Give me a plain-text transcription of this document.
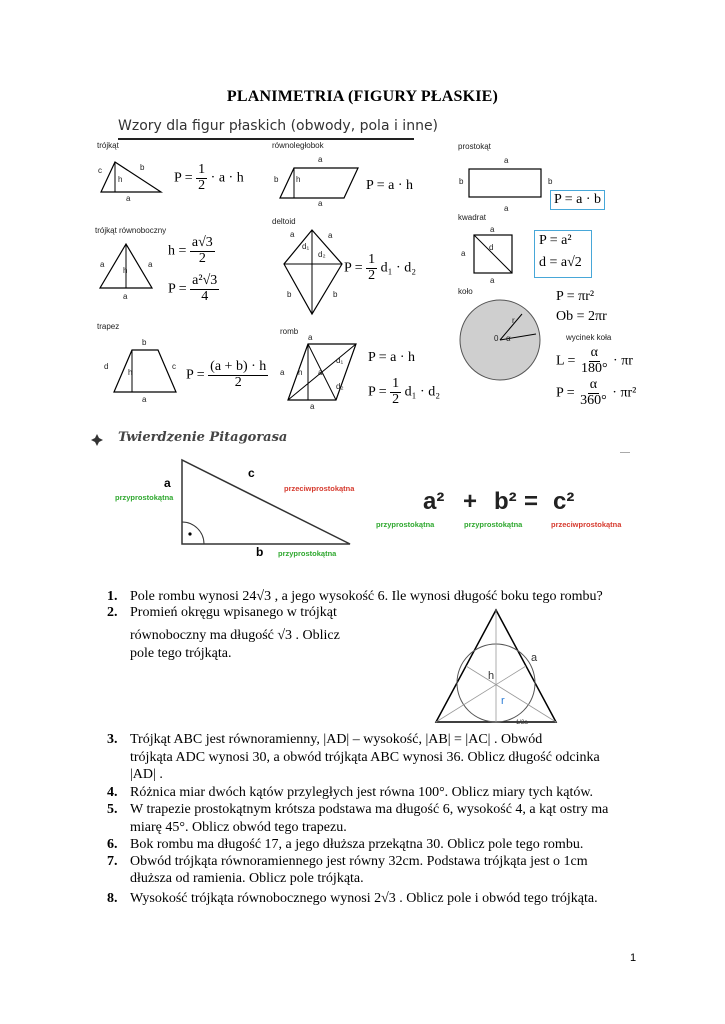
PLANIMETRIA (FIGURY PŁASKIE)
Wzory dla figur płaskich (obwody, pola i inne)
trójkąt
c
h
b
a
$P = \frac{1}{2} \cdot a \cdot h$
równoległobok
a
b h
a
P = a · h
prostokąt
a
b	b
a
P = a · b
trójkąt równoboczny
a
h
a
a
$h = \frac{a√3}{2}$
$P = \frac{\text{a²√3}}{4}$
deltoid
a	a
d₁
d₂
b	b
$P = \frac{1}{2} d_1 \cdot d_2$
kwadrat
a
a
d
a
P = a²
d = a√2
koło
r
0 α
P = πr²
Ob = 2πr
wycinek koła
$L = \frac{\alpha}{180^\circ} \cdot \pi r$
$P = \frac{\alpha}{360^\circ} \cdot \pi r^2$
trapez
b
d
h
c
a
$P = \frac{(a + b) \cdot h}{2}$
romb
a
a h
d₁
d₂
a
a
P = a · h
$P = \frac{1}{2} d_1 \cdot d_2$
Twierdzenie Pitagorasa
a
przyprostokątna
c
przeciwprostokątna
b przyprostokątna
a² + b² = c²
przyprostokątna	przyprostokątna	przeciwprostokątna
a
h
r
1/2a
1. Pole rombu wynosi 24√3 , a jego wysokość 6. Ile wynosi długość boku tego rombu?
2. Promień okręgu wpisanego w trójkąt
równoboczny ma długość √3 . Oblicz
pole tego trójkąta.
3. Trójkąt ABC jest równoramienny, |AD| – wysokość, |AB| = |AC| . Obwód
trójkąta ADC wynosi 30, a obwód trójkąta ABC wynosi 36. Oblicz długość odcinka
|AD| .
4. Różnica miar dwóch kątów przyległych jest równa 100°. Oblicz miary tych kątów.
5. W trapezie prostokątnym krótsza podstawa ma długość 6, wysokość 4, a kąt ostry ma
miarę 45°. Oblicz obwód tego trapezu.
6. Bok rombu ma długość 17, a jego dłuższa przekątna 30. Oblicz pole tego rombu.
7. Obwód trójkąta równoramiennego jest równy 32cm. Podstawa trójkąta jest o 1cm
dłuższa od ramienia. Oblicz pole trójkąta.
8. Wysokość trójkąta równobocznego wynosi 2√3 . Oblicz pole i obwód tego trójkąta.
1
